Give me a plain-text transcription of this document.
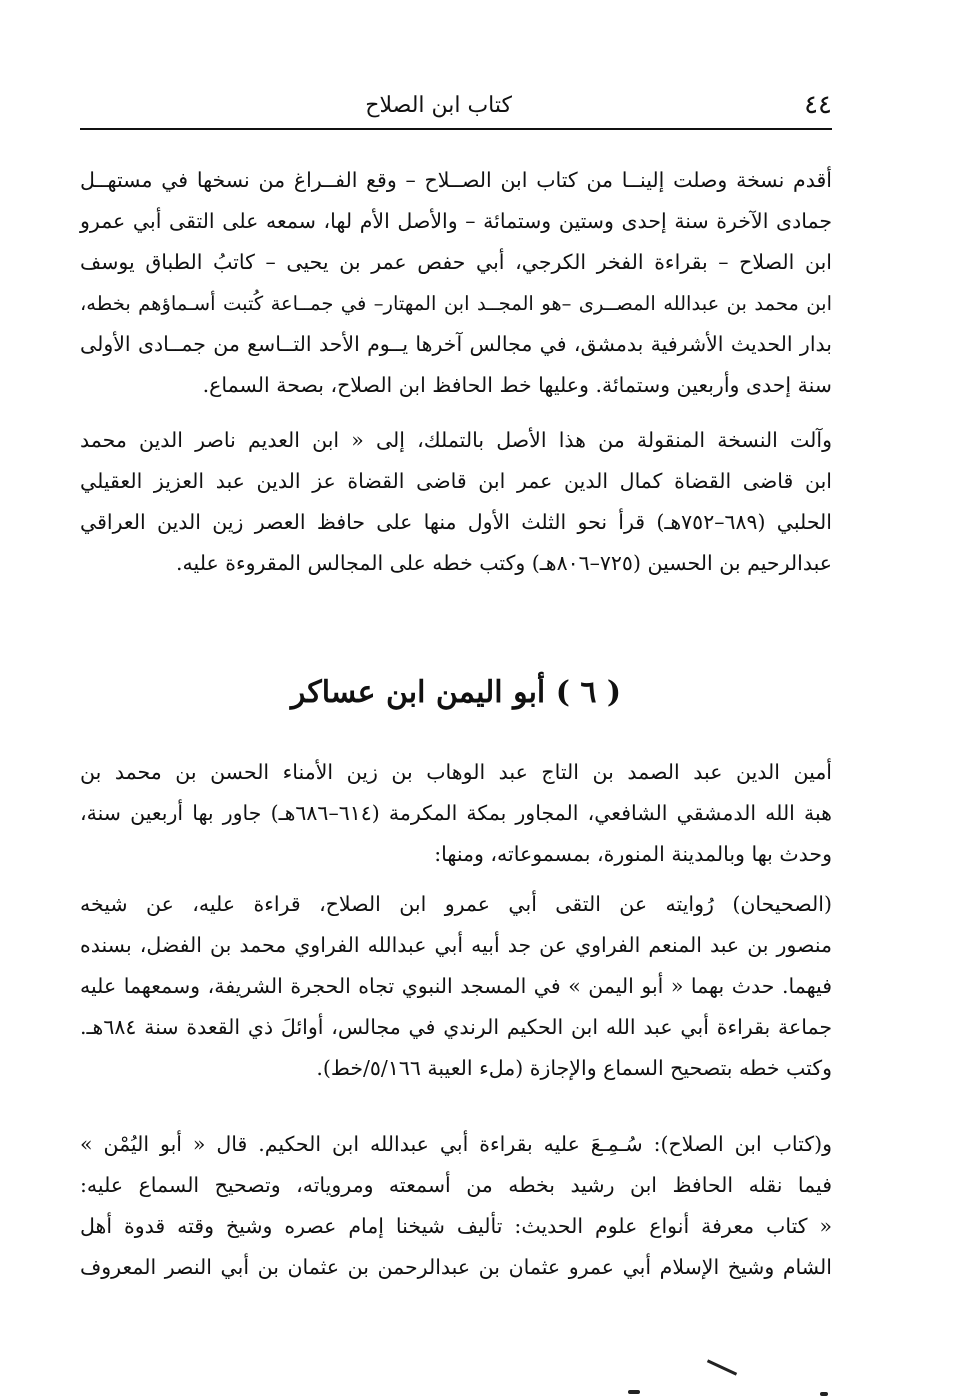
٤٤
كتاب ابن الصلاح
أقدم نسخة وصلت إلينــا من كتاب ابن الصــلاح – وقع الفــراغ من نسخها في مستهــل
جمادى الآخرة سنة إحدى وستين وستمائة – والأصل الأم لها، سمعه على التقى أبي عمرو
ابن الصلاح – بقراءة الفخر الكرجي، أبي حفص عمر بن يحيى – كاتبُ الطباق يوسف
ابن محمد بن عبدالله المصــرى –هو المجــد ابن المهتار– في جمــاعة كُتبت أسـماؤهم بخطه،
بدار الحديث الأشرفية بدمشق، في مجالس آخرها يــوم الأحد التــاسع من جمــادى الأولى
سنة إحدى وأربعين وستمائة. وعليها خط الحافظ ابن الصلاح، بصحة السماع.
وآلت النسخة المنقولة من هذا الأصل بالتملك، إلى « ابن العديم ناصر الدين محمد
ابن قاضى القضاة كمال الدين عمر ابن قاضى القضاة عز الدين عبد العزيز العقيلي
الحلبي (٦٨٩–٧٥٢هـ) قرأ نحو الثلث الأول منها على حافظ العصر زين الدين العراقي
عبدالرحيم بن الحسين (٧٢٥–٨٠٦هـ) وكتب خطه على المجالس المقروءة عليه.
( ٦ ) أبو اليمن ابن عساكر
أمين الدين عبد الصمد بن التاج عبد الوهاب بن زين الأمناء الحسن بن محمد بن
هبة الله الدمشقي الشافعي، المجاور بمكة المكرمة (٦١٤–٦٨٦هـ) جاور بها أربعين سنة،
وحدث بها وبالمدينة المنورة، بمسموعاته، ومنها:
(الصحيحان) رُوايته عن التقى أبي عمرو ابن الصلاح، قراءة عليه، عن شيخه
منصور بن عبد المنعم الفراوي عن جد أبيه أبي عبدالله الفراوي محمد بن الفضل، بسنده
فيهما. حدث بهما « أبو اليمن » في المسجد النبوي تجاه الحجرة الشريفة، وسمعهما عليه
جماعة بقراءة أبي عبد الله ابن الحكيم الرندي في مجالس، أوائلَ ذي القعدة سنة ٦٨٤هـ.
وكتب خطه بتصحيح السماع والإجازة (ملء العيبة ٥/١٦٦/خط).
و(كتاب ابن الصلاح): سُـمِـعَ عليه بقراءة أبي عبدالله ابن الحكيم. قال « أبو اليُمْن »
فيما نقله الحافظ ابن رشيد بخطه من أسمعته ومروياته، وتصحيح السماع عليه:
« كتاب معرفة أنواع علوم الحديث: تأليف شيخنا إمام عصره وشيخ وقته قدوة أهل
الشام وشيخ الإسلام أبي عمرو عثمان بن عبدالرحمن بن عثمان بن أبي النصر المعروف
